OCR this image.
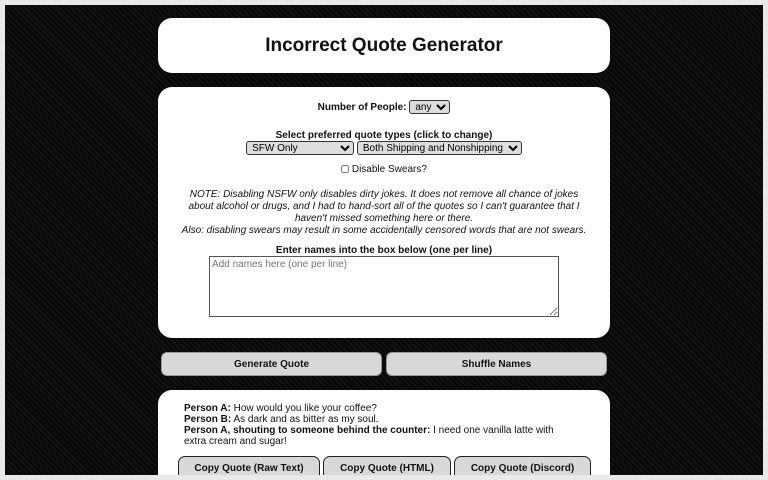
Incorrect Quote Generator
Number of People:
any
Select preferred quote types (click to change)
SFW Only
Both Shipping and Nonshipping
Disable Swears?
NOTE: Disabling NSFW only disables dirty jokes. It does not remove all chance of jokes about alcohol or drugs, and I had to hand-sort all of the quotes so I can't guarantee that I haven't missed something here or there.
Also: disabling swears may result in some accidentally censored words that are not swears.
Enter names into the box below (one per line)
Add names here (one per line)
Generate Quote	Shuffle Names
Person A: How would you like your coffee?
Person B: As dark and as bitter as my soul.
Person A, shouting to someone behind the counter: I need one vanilla latte with extra cream and sugar!
Copy Quote (Raw Text)	Copy Quote (HTML)	Copy Quote (Discord)
